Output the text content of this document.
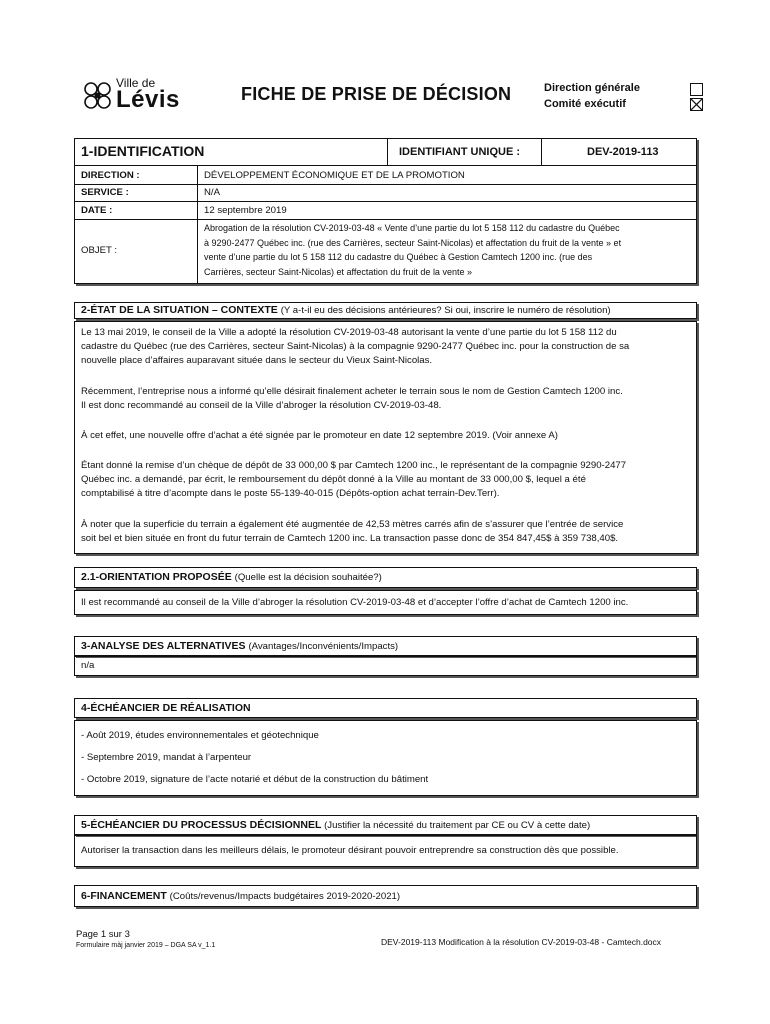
Ville de
Lévis	FICHE DE PRISE DE DÉCISION	Direction générale
Comité exécutif
1-IDENTIFICATION	IDENTIFIANT UNIQUE :	DEV-2019-113
DIRECTION :	DÉVELOPPEMENT ÉCONOMIQUE ET DE LA PROMOTION
SERVICE :	N/A
DATE :	12 septembre 2019
OBJET :
Abrogation de la résolution CV-2019-03-48 « Vente d’une partie du lot 5 158 112 du cadastre du Québec
à 9290-2477 Québec inc. (rue des Carrières, secteur Saint-Nicolas) et affectation du fruit de la vente » et
vente d’une partie du lot 5 158 112 du cadastre du Québec à Gestion Camtech 1200 inc. (rue des
Carrières, secteur Saint-Nicolas) et affectation du fruit de la vente »
2-ÉTAT DE LA SITUATION – CONTEXTE (Y a-t-il eu des décisions antérieures? Si oui, inscrire le numéro de résolution)
Le 13 mai 2019, le conseil de la Ville a adopté la résolution CV-2019-03-48 autorisant la vente d’une partie du lot 5 158 112 du
cadastre du Québec (rue des Carrières, secteur Saint-Nicolas) à la compagnie 9290-2477 Québec inc. pour la construction de sa
nouvelle place d’affaires auparavant située dans le secteur du Vieux Saint-Nicolas.
Récemment, l’entreprise nous a informé qu’elle désirait finalement acheter le terrain sous le nom de Gestion Camtech 1200 inc.
Il est donc recommandé au conseil de la Ville d’abroger la résolution CV-2019-03-48.
À cet effet, une nouvelle offre d’achat a été signée par le promoteur en date 12 septembre 2019. (Voir annexe A)
Étant donné la remise d’un chèque de dépôt de 33 000,00 $ par Camtech 1200 inc., le représentant de la compagnie 9290-2477
Québec inc. a demandé, par écrit, le remboursement du dépôt donné à la Ville au montant de 33 000,00 $, lequel a été
comptabilisé à titre d’acompte dans le poste 55-139-40-015 (Dépôts-option achat terrain-Dev.Terr).
À noter que la superficie du terrain a également été augmentée de 42,53 mètres carrés afin de s’assurer que l’entrée de service
soit bel et bien située en front du futur terrain de Camtech 1200 inc. La transaction passe donc de 354 847,45$ à 359 738,40$.
2.1-ORIENTATION PROPOSÉE (Quelle est la décision souhaitée?)
Il est recommandé au conseil de la Ville d’abroger la résolution CV-2019-03-48 et d’accepter l’offre d’achat de Camtech 1200 inc.
3-ANALYSE DES ALTERNATIVES (Avantages/Inconvénients/Impacts)
n/a
4-ÉCHÉANCIER DE RÉALISATION
- Août 2019, études environnementales et géotechnique
- Septembre 2019, mandat à l’arpenteur
- Octobre 2019, signature de l’acte notarié et début de la construction du bâtiment
5-ÉCHÉANCIER DU PROCESSUS DÉCISIONNEL (Justifier la nécessité du traitement par CE ou CV à cette date)
Autoriser la transaction dans les meilleurs délais, le promoteur désirant pouvoir entreprendre sa construction dès que possible.
6-FINANCEMENT (Coûts/revenus/Impacts budgétaires 2019-2020-2021)
Page 1 sur 3
Formulaire màj janvier 2019 – DGA SA v_1.1	DEV-2019-113 Modification à la résolution CV-2019-03-48 - Camtech.docx
